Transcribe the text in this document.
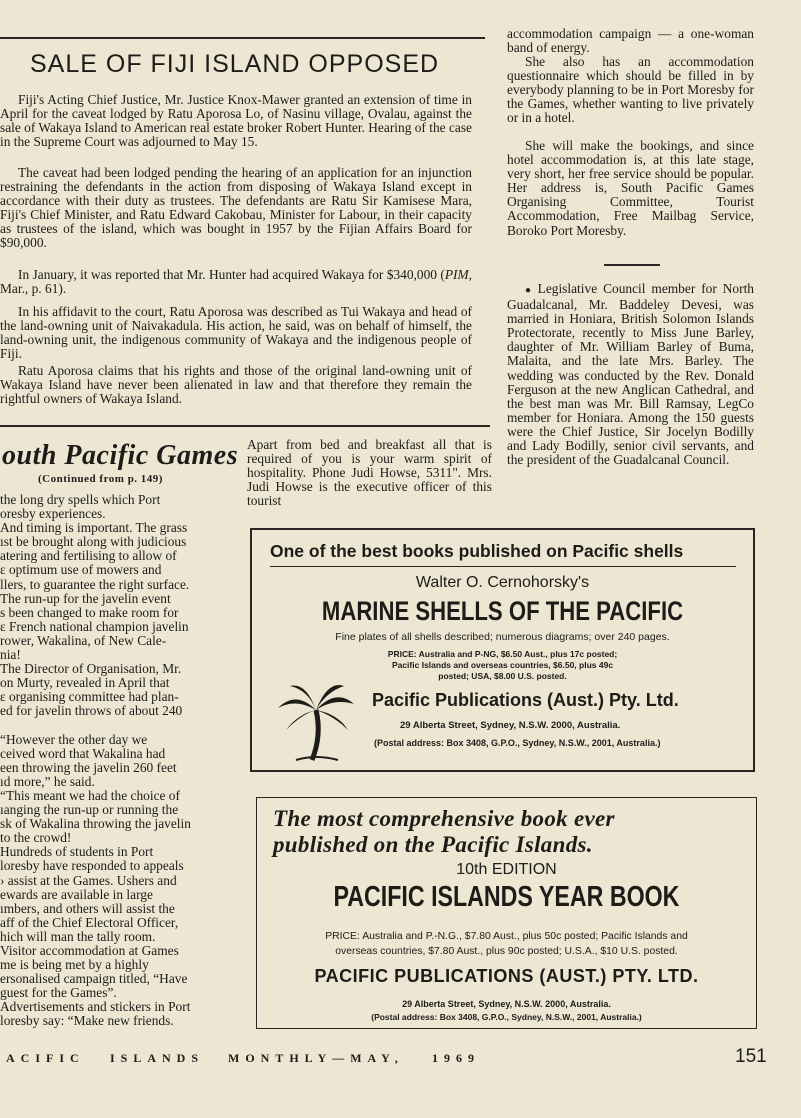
SALE OF FIJI ISLAND OPPOSED

Fiji's Acting Chief Justice, Mr. Justice Knox-Mawer granted an extension of time in April for the caveat lodged by Ratu Aporosa Lo, of Nasinu village, Ovalau, against the sale of Wakaya Island to American real estate broker Robert Hunter. Hearing of the case in the Supreme Court was adjourned to May 15.

The caveat had been lodged pending the hearing of an application for an injunction restraining the defendants in the action from disposing of Wakaya Island except in accordance with their duty as trustees. The defendants are Ratu Sir Kamisese Mara, Fiji's Chief Minister, and Ratu Edward Cakobau, Minister for Labour, in their capacity as trustees of the island, which was bought in 1957 by the Fijian Affairs Board for $90,000.

In January, it was reported that Mr. Hunter had acquired Wakaya for $340,000 (PIM, Mar., p. 61).

In his affidavit to the court, Ratu Aporosa was described as Tui Wakaya and head of the land-owning unit of Naivakadula. His action, he said, was on behalf of himself, the land-owning unit, the indigenous community of Wakaya and the indigenous people of Fiji.

Ratu Aporosa claims that his rights and those of the original land-owning unit of Wakaya Island have never been alienated in law and that therefore they remain the rightful owners of Wakaya Island.

accommodation campaign — a one-woman band of energy.

She also has an accommodation questionnaire which should be filled in by everybody planning to be in Port Moresby for the Games, whether wanting to live privately or in a hotel.

She will make the bookings, and since hotel accommodation is, at this late stage, very short, her free service should be popular. Her address is, South Pacific Games Organising Committee, Tourist Accommodation, Free Mailbag Service, Boroko Port Moresby.

● Legislative Council member for North Guadalcanal, Mr. Baddeley Devesi, was married in Honiara, British Solomon Islands Protectorate, recently to Miss June Barley, daughter of Mr. William Barley of Buma, Malaita, and the late Mrs. Barley. The wedding was conducted by the Rev. Donald Ferguson at the new Anglican Cathedral, and the best man was Mr. Bill Ramsay, LegCo member for Honiara. Among the 150 guests were the Chief Justice, Sir Jocelyn Bodilly and Lady Bodilly, senior civil servants, and the president of the Guadalcanal Council.

outh Pacific Games
(Continued from p. 149)
the long dry spells which Port
oresby experiences.
And timing is important. The grass
ıst be brought along with judicious
atering and fertilising to allow of
ɛ optimum use of mowers and
llers, to guarantee the right surface.
The run-up for the javelin event
s been changed to make room for
ɛ French national champion javelin
rower, Wakalina, of New Cale-
nia!
The Director of Organisation, Mr.
on Murty, revealed in April that
ɛ organising committee had plan-
ed for javelin throws of about 240

“However the other day we
ceived word that Wakalina had
een throwing the javelin 260 feet
ıd more,” he said.
“This meant we had the choice of
ıanging the run-up or running the
sk of Wakalina throwing the javelin
to the crowd!
Hundreds of students in Port
loresby have responded to appeals
› assist at the Games. Ushers and
ewards are available in large
ımbers, and others will assist the
aff of the Chief Electoral Officer,
hich will man the tally room.
Visitor accommodation at Games
me is being met by a highly
ersonalised campaign titled, “Have
guest for the Games”.
Advertisements and stickers in Port
loresby say: “Make new friends.

Apart from bed and breakfast all that is required of you is your warm spirit of hospitality. Phone Judi Howse, 5311". Mrs. Judi Howse is the executive officer of this tourist

One of the best books published on Pacific shells
Walter O. Cernohorsky's
MARINE SHELLS OF THE PACIFIC
Fine plates of all shells described; numerous diagrams; over 240 pages.
PRICE: Australia and P-NG, $6.50 Aust., plus 17c posted;
Pacific Islands and overseas countries, $6.50, plus 49c
posted; USA, $8.00 U.S. posted.
Pacific Publications (Aust.) Pty. Ltd.
29 Alberta Street, Sydney, N.S.W. 2000, Australia.
(Postal address: Box 3408, G.P.O., Sydney, N.S.W., 2001, Australia.)
The most comprehensive book ever
published on the Pacific Islands.
10th EDITION
PACIFIC ISLANDS YEAR BOOK
PRICE: Australia and P.-N.G., $7.80 Aust., plus 50c posted; Pacific Islands and
overseas countries, $7.80 Aust., plus 90c posted; U.S.A., $10 U.S. posted.
PACIFIC PUBLICATIONS (AUST.) PTY. LTD.
29 Alberta Street, Sydney, N.S.W. 2000, Australia.
(Postal address: Box 3408, G.P.O., Sydney, N.S.W., 2001, Australia.)
ACIFIC ISLANDS MONTHLY—MAY, 1969	151
